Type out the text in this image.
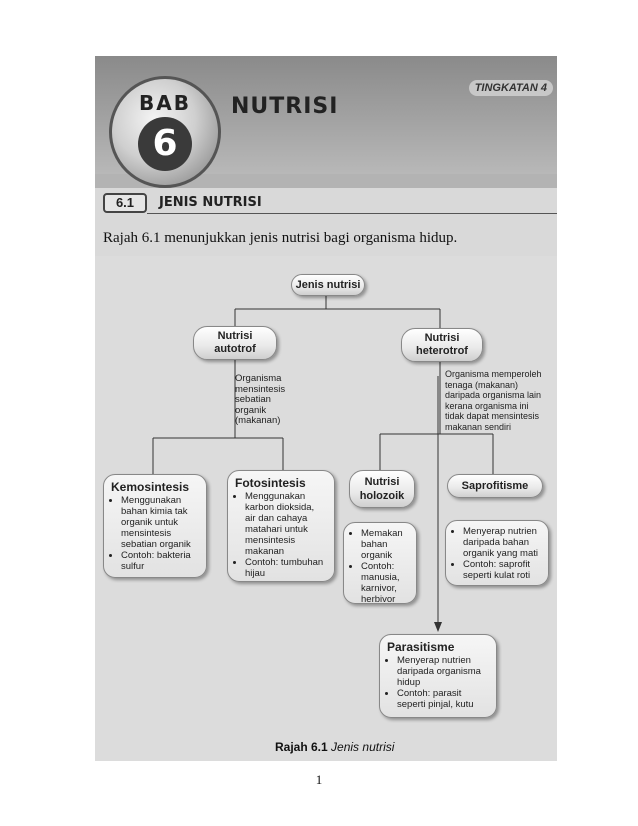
BAB
6
NUTRISI
TINGKATAN 4
6.1	JENIS NUTRISI
Rajah 6.1 menunjukkan jenis nutrisi bagi organisma hidup.
Jenis nutrisi
Nutrisi
autotrof
Organisma
mensintesis
sebatian
organik
(makanan)
Nutrisi
heterotrof
Organisma memperoleh
tenaga (makanan)
daripada organisma lain
kerana organisma ini
tidak dapat mensintesis
makanan sendiri
Kemosintesis
• Menggunakan bahan kimia tak organik untuk mensintesis sebatian organik
• Contoh: bakteria sulfur
Fotosintesis
• Menggunakan karbon dioksida, air dan cahaya matahari untuk mensintesis makanan
• Contoh: tumbuhan hijau
Nutrisi
holozoik
• Memakan bahan organik
• Contoh: manusia, karnivor, herbivor
Saprofitisme
• Menyerap nutrien daripada bahan organik yang mati
• Contoh: saprofit seperti kulat roti
Parasitisme
• Menyerap nutrien daripada organisma hidup
• Contoh: parasit seperti pinjal, kutu
Rajah 6.1 Jenis nutrisi
1
